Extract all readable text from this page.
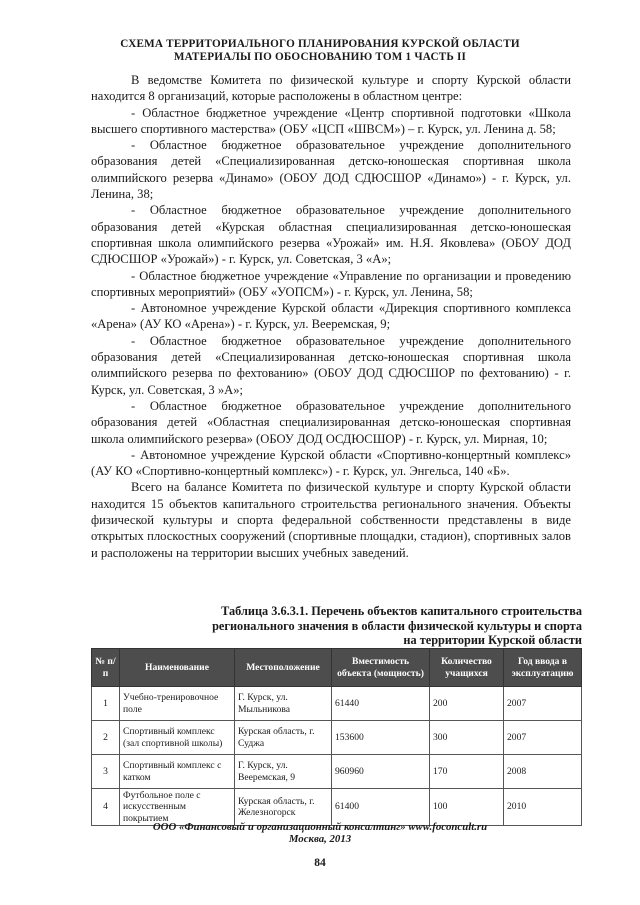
СХЕМА ТЕРРИТОРИАЛЬНОГО ПЛАНИРОВАНИЯ КУРСКОЙ ОБЛАСТИ
МАТЕРИАЛЫ ПО ОБОСНОВАНИЮ ТОМ 1 ЧАСТЬ II

В ведомстве Комитета по физической культуре и спорту Курской области находится 8 организаций, которые расположены в областном центре:

- Областное бюджетное учреждение «Центр спортивной подготовки «Школа высшего спортивного мастерства» (ОБУ «ЦСП «ШВСМ») – г. Курск, ул. Ленина д. 58;

- Областное бюджетное образовательное учреждение дополнительного образования детей «Специализированная детско-юношеская спортивная школа олимпийского резерва «Динамо» (ОБОУ ДОД СДЮСШОР «Динамо») - г. Курск, ул. Ленина, 38;

- Областное бюджетное образовательное учреждение дополнительного образования детей «Курская областная специализированная детско-юношеская спортивная школа олимпийского резерва «Урожай» им. Н.Я. Яковлева» (ОБОУ ДОД СДЮСШОР «Урожай») - г. Курск, ул. Советская, 3 «А»;

- Областное бюджетное учреждение «Управление по организации и проведению спортивных мероприятий» (ОБУ «УОПСМ») - г. Курск, ул. Ленина, 58;

- Автономное учреждение Курской области «Дирекция спортивного комплекса «Арена» (АУ КО «Арена») - г. Курск, ул. Вееремская, 9;

- Областное бюджетное образовательное учреждение дополнительного образования детей «Специализированная детско-юношеская спортивная школа олимпийского резерва по фехтованию» (ОБОУ ДОД СДЮСШОР по фехтованию) - г. Курск, ул. Советская, 3 »А»;

- Областное бюджетное образовательное учреждение дополнительного образования детей «Областная специализированная детско-юношеская спортивная школа олимпийского резерва» (ОБОУ ДОД ОСДЮСШОР) - г. Курск, ул. Мирная, 10;

- Автономное учреждение Курской области «Спортивно-концертный комплекс» (АУ КО «Спортивно-концертный комплекс») - г. Курск, ул. Энгельса, 140 «Б».

Всего на балансе Комитета по физической культуре и спорту Курской области находится 15 объектов капитального строительства регионального значения. Объекты физической культуры и спорта федеральной собственности представлены в виде открытых плоскостных сооружений (спортивные площадки, стадион), спортивных залов и расположены на территории высших учебных заведений.

Таблица 3.6.3.1. Перечень объектов капитального строительства
регионального значения в области физической культуры и спорта
на территории Курской области
№ п/п	Наименование	Местоположение	Вместимость объекта (мощность)	Количество учащихся	Год ввода в эксплуатацию
1	Учебно-тренировочное поле	Г. Курск, ул. Мыльникова	61440	200	2007
2	Спортивный комплекс (зал спортивной школы)	Курская область, г. Суджа	153600	300	2007
3	Спортивный комплекс с катком	Г. Курск, ул. Вееремская, 9	960960	170	2008
4	Футбольное поле с искусственным покрытием	Курская область, г. Железногорск	61400	100	2010
ООО «Финансовый и организационный консалтинг» www.foconcult.ru
Москва, 2013
84
